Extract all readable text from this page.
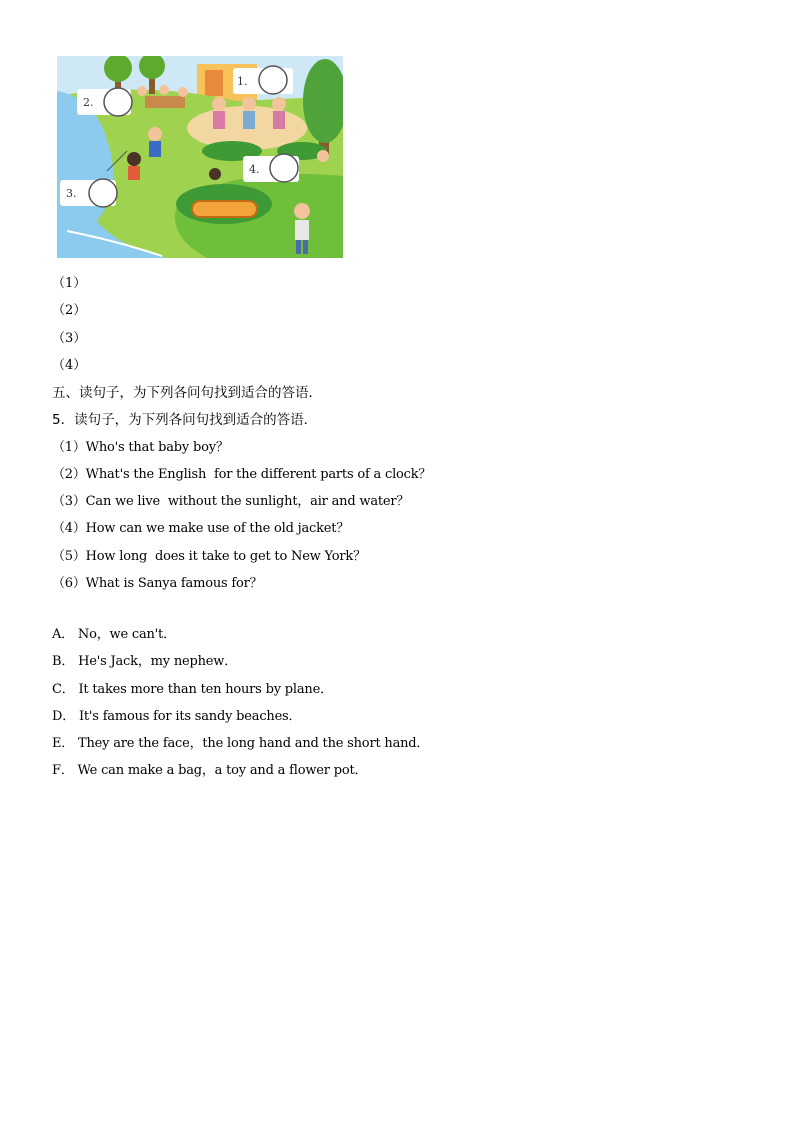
1.
2.
3.
4.
（1）
（2）
（3）
（4）
五、读句子，为下列各问句找到适合的答语．
5．读句子，为下列各问句找到适合的答语．
（1）Who's that baby boy？
（2）What's the English  for the different parts of a clock？
（3）Can we live  without the sunlight，air and water？
（4）How can we make use of the old jacket？
（5）How long  does it take to get to New York？
（6）What is Sanya famous for？
A． No，we can't．
B． He's Jack，my nephew．
C． It takes more than ten hours by plane．
D． It's famous for its sandy beaches．
E． They are the face，the long hand and the short hand．
F． We can make a bag，a toy and a flower pot．
